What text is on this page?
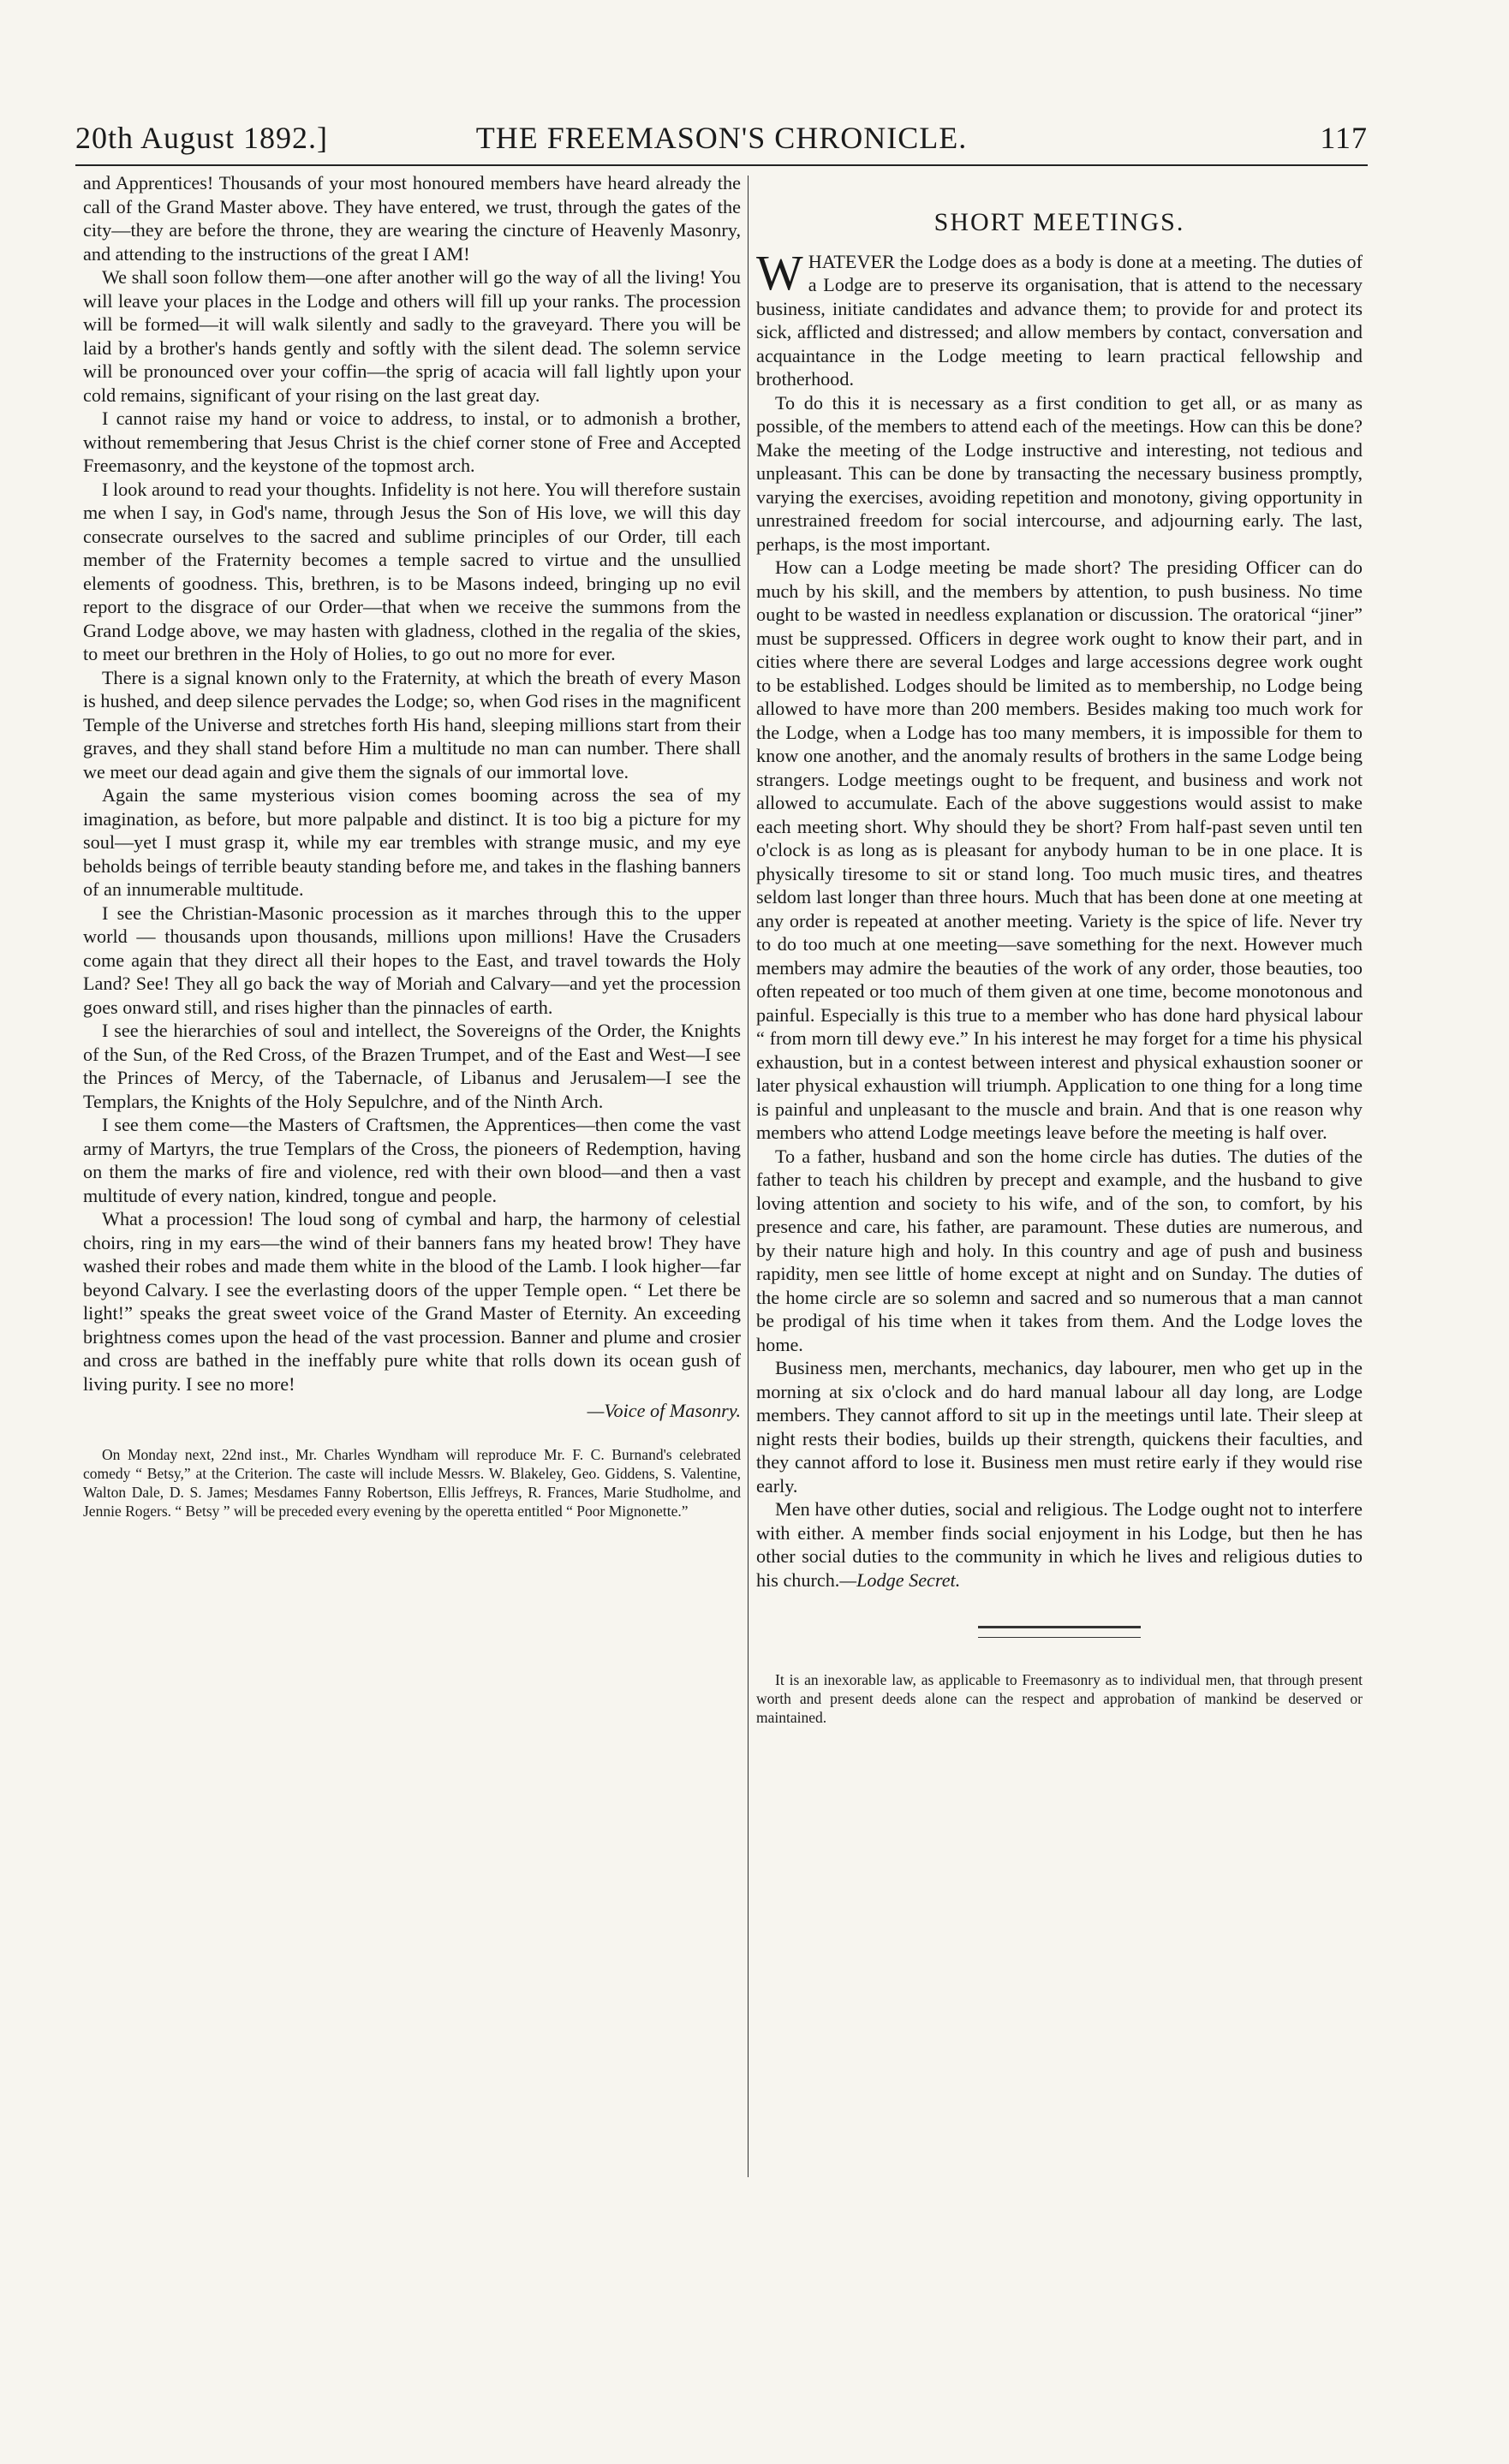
20th August 1892.]	THE FREEMASON'S CHRONICLE.	117

and Apprentices! Thousands of your most honoured members have heard already the call of the Grand Master above. They have entered, we trust, through the gates of the city—they are before the throne, they are wearing the cincture of Heavenly Masonry, and attending to the instructions of the great I AM!

We shall soon follow them—one after another will go the way of all the living! You will leave your places in the Lodge and others will fill up your ranks. The procession will be formed—it will walk silently and sadly to the graveyard. There you will be laid by a brother's hands gently and softly with the silent dead. The solemn service will be pronounced over your coffin—the sprig of acacia will fall lightly upon your cold remains, significant of your rising on the last great day.

I cannot raise my hand or voice to address, to instal, or to admonish a brother, without remembering that Jesus Christ is the chief corner stone of Free and Accepted Freemasonry, and the keystone of the topmost arch.

I look around to read your thoughts. Infidelity is not here. You will therefore sustain me when I say, in God's name, through Jesus the Son of His love, we will this day consecrate ourselves to the sacred and sublime principles of our Order, till each member of the Fraternity becomes a temple sacred to virtue and the unsullied elements of goodness. This, brethren, is to be Masons indeed, bringing up no evil report to the disgrace of our Order—that when we receive the summons from the Grand Lodge above, we may hasten with gladness, clothed in the regalia of the skies, to meet our brethren in the Holy of Holies, to go out no more for ever.

There is a signal known only to the Fraternity, at which the breath of every Mason is hushed, and deep silence pervades the Lodge; so, when God rises in the magnificent Temple of the Universe and stretches forth His hand, sleeping millions start from their graves, and they shall stand before Him a multitude no man can number. There shall we meet our dead again and give them the signals of our immortal love.

Again the same mysterious vision comes booming across the sea of my imagination, as before, but more palpable and distinct. It is too big a picture for my soul—yet I must grasp it, while my ear trembles with strange music, and my eye beholds beings of terrible beauty standing before me, and takes in the flashing banners of an innumerable multitude.

I see the Christian-Masonic procession as it marches through this to the upper world — thousands upon thousands, millions upon millions! Have the Crusaders come again that they direct all their hopes to the East, and travel towards the Holy Land? See! They all go back the way of Moriah and Calvary—and yet the procession goes onward still, and rises higher than the pinnacles of earth.

I see the hierarchies of soul and intellect, the Sovereigns of the Order, the Knights of the Sun, of the Red Cross, of the Brazen Trumpet, and of the East and West—I see the Princes of Mercy, of the Tabernacle, of Libanus and Jerusalem—I see the Templars, the Knights of the Holy Sepulchre, and of the Ninth Arch.

I see them come—the Masters of Craftsmen, the Apprentices—then come the vast army of Martyrs, the true Templars of the Cross, the pioneers of Redemption, having on them the marks of fire and violence, red with their own blood—and then a vast multitude of every nation, kindred, tongue and people.

What a procession! The loud song of cymbal and harp, the harmony of celestial choirs, ring in my ears—the wind of their banners fans my heated brow! They have washed their robes and made them white in the blood of the Lamb. I look higher—far beyond Calvary. I see the everlasting doors of the upper Temple open. “ Let there be light!” speaks the great sweet voice of the Grand Master of Eternity. An exceeding brightness comes upon the head of the vast procession. Banner and plume and crosier and cross are bathed in the ineffably pure white that rolls down its ocean gush of living purity. I see no more!

—Voice of Masonry.
On Monday next, 22nd inst., Mr. Charles Wyndham will reproduce Mr. F. C. Burnand's celebrated comedy “ Betsy,” at the Criterion. The caste will include Messrs. W. Blakeley, Geo. Giddens, S. Valentine, Walton Dale, D. S. James; Mesdames Fanny Robertson, Ellis Jeffreys, R. Frances, Marie Studholme, and Jennie Rogers. “ Betsy ” will be preceded every evening by the operetta entitled “ Poor Mignonette.”
SHORT MEETINGS.

WHATEVER the Lodge does as a body is done at a meeting. The duties of a Lodge are to preserve its organisation, that is attend to the necessary business, initiate candidates and advance them; to provide for and protect its sick, afflicted and distressed; and allow members by contact, conversation and acquaintance in the Lodge meeting to learn practical fellowship and brotherhood.

To do this it is necessary as a first condition to get all, or as many as possible, of the members to attend each of the meetings. How can this be done? Make the meeting of the Lodge instructive and interesting, not tedious and unpleasant. This can be done by transacting the necessary business promptly, varying the exercises, avoiding repetition and monotony, giving opportunity in unrestrained freedom for social intercourse, and adjourning early. The last, perhaps, is the most important.

How can a Lodge meeting be made short? The presiding Officer can do much by his skill, and the members by attention, to push business. No time ought to be wasted in needless explanation or discussion. The oratorical “jiner” must be suppressed. Officers in degree work ought to know their part, and in cities where there are several Lodges and large accessions degree work ought to be established. Lodges should be limited as to membership, no Lodge being allowed to have more than 200 members. Besides making too much work for the Lodge, when a Lodge has too many members, it is impossible for them to know one another, and the anomaly results of brothers in the same Lodge being strangers. Lodge meetings ought to be frequent, and business and work not allowed to accumulate. Each of the above suggestions would assist to make each meeting short. Why should they be short? From half-past seven until ten o'clock is as long as is pleasant for anybody human to be in one place. It is physically tiresome to sit or stand long. Too much music tires, and theatres seldom last longer than three hours. Much that has been done at one meeting at any order is repeated at another meeting. Variety is the spice of life. Never try to do too much at one meeting—save something for the next. However much members may admire the beauties of the work of any order, those beauties, too often repeated or too much of them given at one time, become monotonous and painful. Especially is this true to a member who has done hard physical labour “ from morn till dewy eve.” In his interest he may forget for a time his physical exhaustion, but in a contest between interest and physical exhaustion sooner or later physical exhaustion will triumph. Application to one thing for a long time is painful and unpleasant to the muscle and brain. And that is one reason why members who attend Lodge meetings leave before the meeting is half over.

To a father, husband and son the home circle has duties. The duties of the father to teach his children by precept and example, and the husband to give loving attention and society to his wife, and of the son, to comfort, by his presence and care, his father, are paramount. These duties are numerous, and by their nature high and holy. In this country and age of push and business rapidity, men see little of home except at night and on Sunday. The duties of the home circle are so solemn and sacred and so numerous that a man cannot be prodigal of his time when it takes from them. And the Lodge loves the home.

Business men, merchants, mechanics, day labourer, men who get up in the morning at six o'clock and do hard manual labour all day long, are Lodge members. They cannot afford to sit up in the meetings until late. Their sleep at night rests their bodies, builds up their strength, quickens their faculties, and they cannot afford to lose it. Business men must retire early if they would rise early.

Men have other duties, social and religious. The Lodge ought not to interfere with either. A member finds social enjoyment in his Lodge, but then he has other social duties to the community in which he lives and religious duties to his church.—Lodge Secret.

It is an inexorable law, as applicable to Freemasonry as to individual men, that through present worth and present deeds alone can the respect and approbation of mankind be deserved or maintained.
